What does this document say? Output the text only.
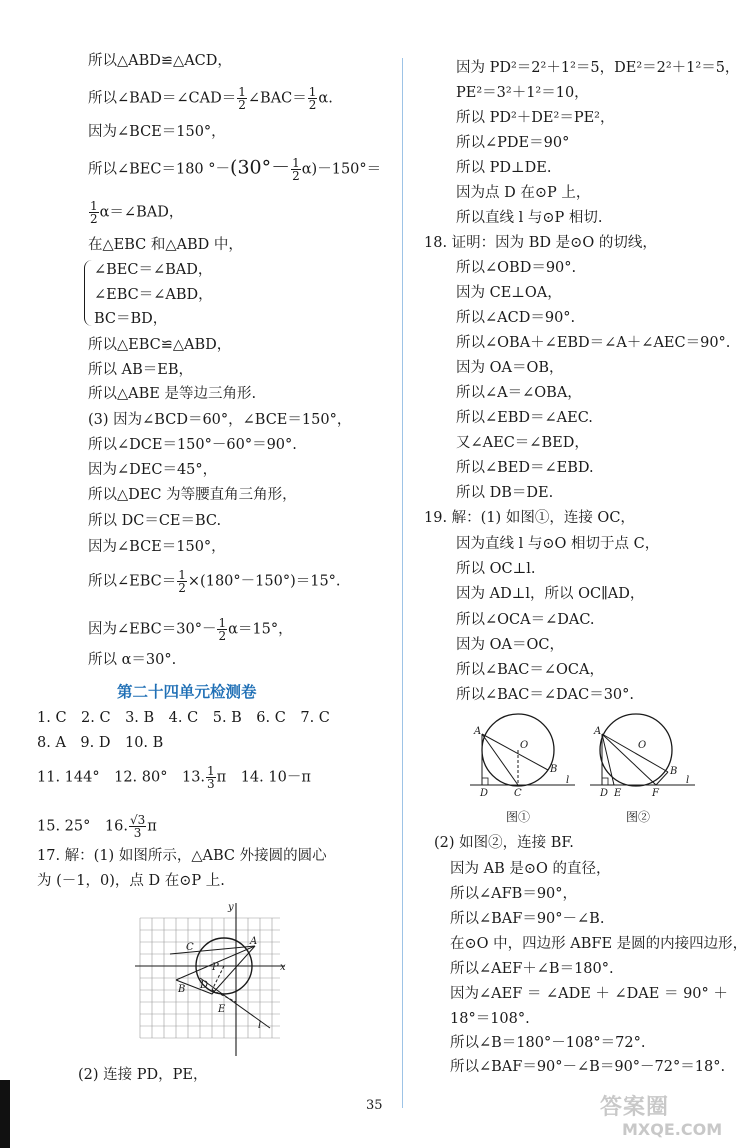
所以△ABD≌△ACD，
所以∠BAD＝∠CAD＝ $\frac{1}{2}$ ∠BAC＝ $\frac{1}{2} \alpha$.
因为∠BCE＝150°，
所以∠BEC＝180 $^\circ-(30^\circ- \frac{1}{2} \alpha)-150^\circ=$
$\frac{1}{2}$ α＝∠BAD，
在△EBC 和△ABD 中，
∠BEC＝∠BAD，
∠EBC＝∠ABD，
BC＝BD，
所以△EBC≌△ABD，
所以 AB＝EB，
所以△ABE 是等边三角形.
(3) 因为∠BCD＝60°，∠BCE＝150°，
所以∠DCE＝150°－60°＝90°.
因为∠DEC＝45°，
所以△DEC 为等腰直角三角形，
所以 DC＝CE＝BC.
因为∠BCE＝150°，
所以∠EBC＝ $\frac{1}{2} \times(180^\circ-150^\circ)=15^\circ$.
因为∠EBC＝30°－ $\frac{1}{2} \alpha=15^\circ$，
所以 α＝30°.
第二十四单元检测卷
1. C　2. C　3. B　4. C　5. B　6. C　7. C
8. A　9. D　10. B
11. 144°　12. 80°　13. $\frac{1}{3}$ π　14. 10－π
15. 25°　16. $\frac{√3}{3}$ π
17. 解：(1) 如图所示，△ABC 外接圆的圆心
为 (－1，0)，点 D 在⊙P 上.
y
x
C
A
B D
E
l
P
(2) 连接 PD，PE，
因为 PD²＝2²＋1²＝5，DE²＝2²＋1²＝5，
PE²＝3²＋1²＝10，
所以 PD²＋DE²＝PE²，
所以∠PDE＝90°
所以 PD⊥DE.
因为点 D 在⊙P 上，
所以直线 l 与⊙P 相切.
18. 证明：因为 BD 是⊙O 的切线，
所以∠OBD＝90°.
因为 CE⊥OA，
所以∠ACD＝90°.
所以∠OBA＋∠EBD＝∠A＋∠AEC＝90°.
因为 OA＝OB，
所以∠A＝∠OBA，
所以∠EBD＝∠AEC.
又∠AEC＝∠BED，
所以∠BED＝∠EBD.
所以 DB＝DE.
19. 解：(1) 如图①，连接 OC，
因为直线 l 与⊙O 相切于点 C，
所以 OC⊥l.
因为 AD⊥l，所以 OC∥AD，
所以∠OCA＝∠DAC.
因为 OA＝OC，
所以∠BAC＝∠OCA，
所以∠BAC＝∠DAC＝30°.
A
O
B
D	C
l
图①
A
O
B
D E	F
l
图②
(2) 如图②，连接 BF.
因为 AB 是⊙O 的直径，
所以∠AFB＝90°，
所以∠BAF＝90°－∠B.
在⊙O 中，四边形 ABFE 是圆的内接四边形，
所以∠AEF＋∠B＝180°.
因为∠AEF ＝ ∠ADE ＋ ∠DAE ＝ 90° ＋
18°＝108°.
所以∠B＝180°－108°＝72°.
所以∠BAF＝90°－∠B＝90°－72°＝18°.
35	答案圈
MXQE.COM
